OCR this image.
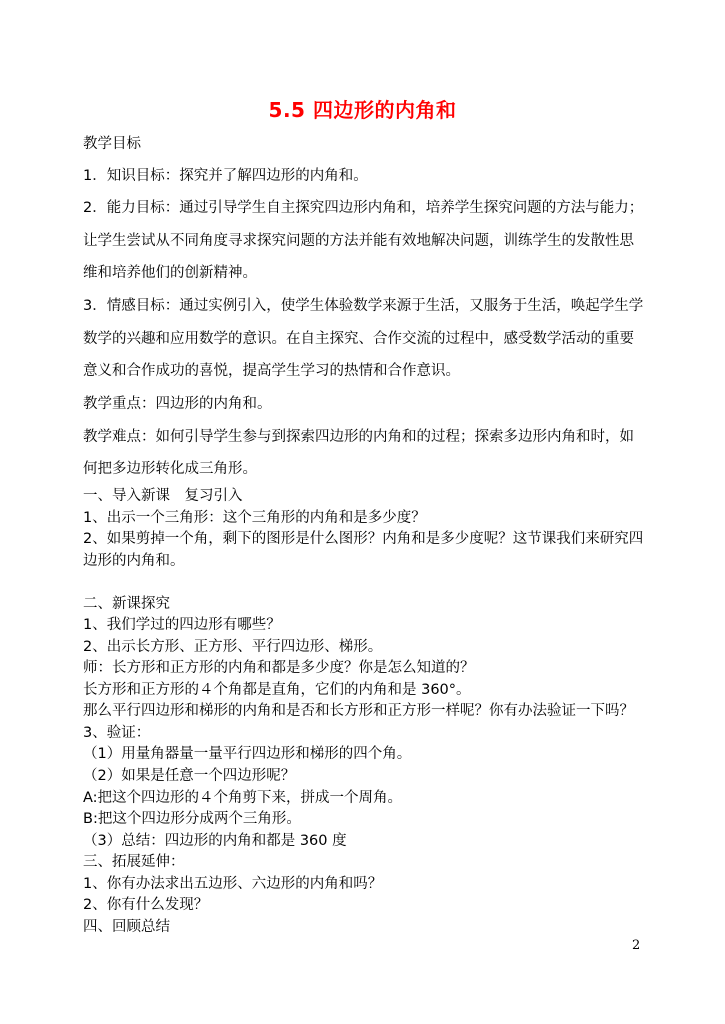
5.5 四边形的内角和
教学目标
1．知识目标：探究并了解四边形的内角和。
2．能力目标：通过引导学生自主探究四边形内角和，培养学生探究问题的方法与能力；
让学生尝试从不同角度寻求探究问题的方法并能有效地解决问题，训练学生的发散性思
维和培养他们的创新精神。
3．情感目标：通过实例引入，使学生体验数学来源于生活，又服务于生活，唤起学生学
数学的兴趣和应用数学的意识。在自主探究、合作交流的过程中，感受数学活动的重要
意义和合作成功的喜悦，提高学生学习的热情和合作意识。
教学重点：四边形的内角和。
教学难点：如何引导学生参与到探索四边形的内角和的过程；探索多边形内角和时，如
何把多边形转化成三角形。
一、导入新课　复习引入
1、出示一个三角形：这个三角形的内角和是多少度？
2、如果剪掉一个角，剩下的图形是什么图形？内角和是多少度呢？这节课我们来研究四
边形的内角和。
二、新课探究
1、我们学过的四边形有哪些？
2、出示长方形、正方形、平行四边形、梯形。
师：长方形和正方形的内角和都是多少度？你是怎么知道的？
长方形和正方形的４个角都是直角，它们的内角和是 360°。
那么平行四边形和梯形的内角和是否和长方形和正方形一样呢？你有办法验证一下吗？
3、验证：
（1）用量角器量一量平行四边形和梯形的四个角。
（2）如果是任意一个四边形呢？
A:把这个四边形的４个角剪下来，拼成一个周角。
B:把这个四边形分成两个三角形。
（3）总结：四边形的内角和都是 360 度
三、拓展延伸：
1、你有办法求出五边形、六边形的内角和吗？
2、你有什么发现？
四、回顾总结
2
